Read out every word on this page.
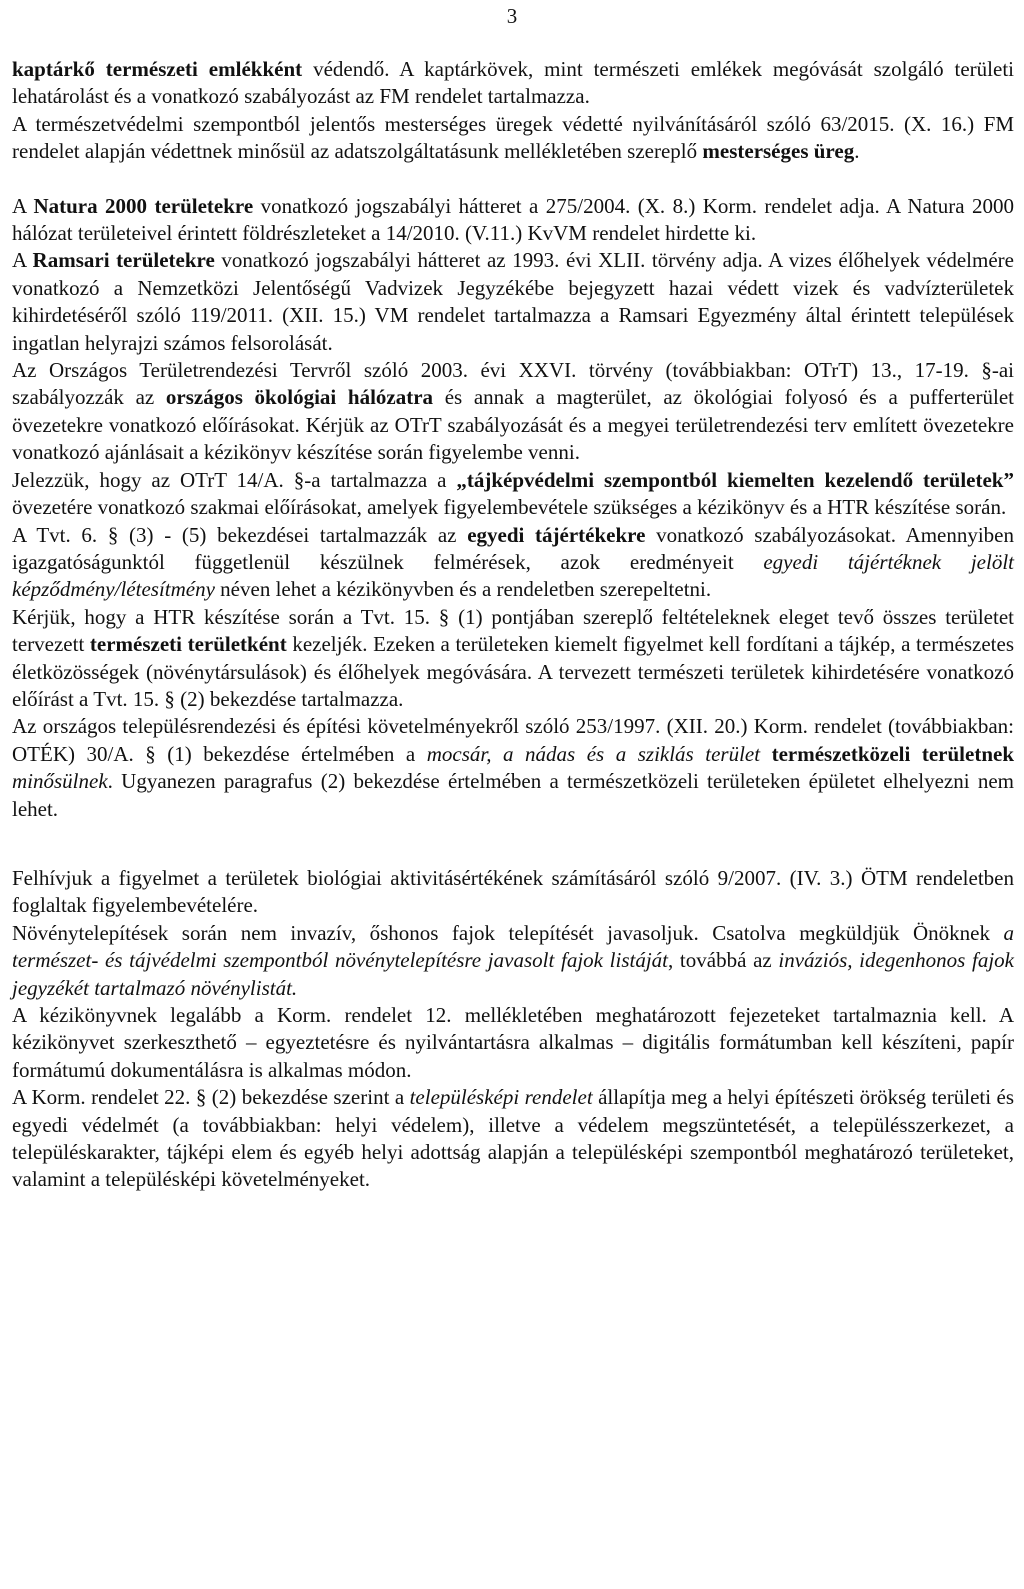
3

kaptárkő természeti emlékként védendő. A kaptárkövek, mint természeti emlékek megóvását szolgáló területi lehatárolást és a vonatkozó szabályozást az FM rendelet tartalmazza.

A természetvédelmi szempontból jelentős mesterséges üregek védetté nyilvánításáról szóló 63/2015. (X. 16.) FM rendelet alapján védettnek minősül az adatszolgáltatásunk mellékletében szereplő mesterséges üreg.

A Natura 2000 területekre vonatkozó jogszabályi hátteret a 275/2004. (X. 8.) Korm. rendelet adja. A Natura 2000 hálózat területeivel érintett földrészleteket a 14/2010. (V.11.) KvVM rendelet hirdette ki.

A Ramsari területekre vonatkozó jogszabályi hátteret az 1993. évi XLII. törvény adja. A vizes élőhelyek védelmére vonatkozó a Nemzetközi Jelentőségű Vadvizek Jegyzékébe bejegyzett hazai védett vizek és vadvízterületek kihirdetéséről szóló 119/2011. (XII. 15.) VM rendelet tartalmazza a Ramsari Egyezmény által érintett települések ingatlan helyrajzi számos felsorolását.

Az Országos Területrendezési Tervről szóló 2003. évi XXVI. törvény (továbbiakban: OTrT) 13., 17-19. §-ai szabályozzák az országos ökológiai hálózatra és annak a magterület, az ökológiai folyosó és a pufferterület övezetekre vonatkozó előírásokat. Kérjük az OTrT szabályozását és a megyei területrendezési terv említett övezetekre vonatkozó ajánlásait a kézikönyv készítése során figyelembe venni.

Jelezzük, hogy az OTrT 14/A. §-a tartalmazza a „tájképvédelmi szempontból kiemelten kezelendő területek” övezetére vonatkozó szakmai előírásokat, amelyek figyelembevétele szükséges a kézikönyv és a HTR készítése során.

A Tvt. 6. § (3) - (5) bekezdései tartalmazzák az egyedi tájértékekre vonatkozó szabályozásokat. Amennyiben igazgatóságunktól függetlenül készülnek felmérések, azok eredményeit egyedi tájértéknek jelölt képződmény/létesítmény néven lehet a kézikönyvben és a rendeletben szerepeltetni.

Kérjük, hogy a HTR készítése során a Tvt. 15. § (1) pontjában szereplő feltételeknek eleget tevő összes területet tervezett természeti területként kezeljék. Ezeken a területeken kiemelt figyelmet kell fordítani a tájkép, a természetes életközösségek (növénytársulások) és élőhelyek megóvására. A tervezett természeti területek kihirdetésére vonatkozó előírást a Tvt. 15. § (2) bekezdése tartalmazza.

Az országos településrendezési és építési követelményekről szóló 253/1997. (XII. 20.) Korm. rendelet (továbbiakban: OTÉK) 30/A. § (1) bekezdése értelmében a mocsár, a nádas és a sziklás terület természetközeli területnek minősülnek. Ugyanezen paragrafus (2) bekezdése értelmében a természetközeli területeken épületet elhelyezni nem lehet.

Felhívjuk a figyelmet a területek biológiai aktivitásértékének számításáról szóló 9/2007. (IV. 3.) ÖTM rendeletben foglaltak figyelembevételére.

Növénytelepítések során nem invazív, őshonos fajok telepítését javasoljuk. Csatolva megküldjük Önöknek a természet- és tájvédelmi szempontból növénytelepítésre javasolt fajok listáját, továbbá az inváziós, idegenhonos fajok jegyzékét tartalmazó növénylistát.

A kézikönyvnek legalább a Korm. rendelet 12. mellékletében meghatározott fejezeteket tartalmaznia kell. A kézikönyvet szerkeszthető – egyeztetésre és nyilvántartásra alkalmas – digitális formátumban kell készíteni, papír formátumú dokumentálásra is alkalmas módon.

A Korm. rendelet 22. § (2) bekezdése szerint a településképi rendelet állapítja meg a helyi építészeti örökség területi és egyedi védelmét (a továbbiakban: helyi védelem), illetve a védelem megszüntetését, a településszerkezet, a településkarakter, tájképi elem és egyéb helyi adottság alapján a településképi szempontból meghatározó területeket, valamint a településképi követelményeket.
